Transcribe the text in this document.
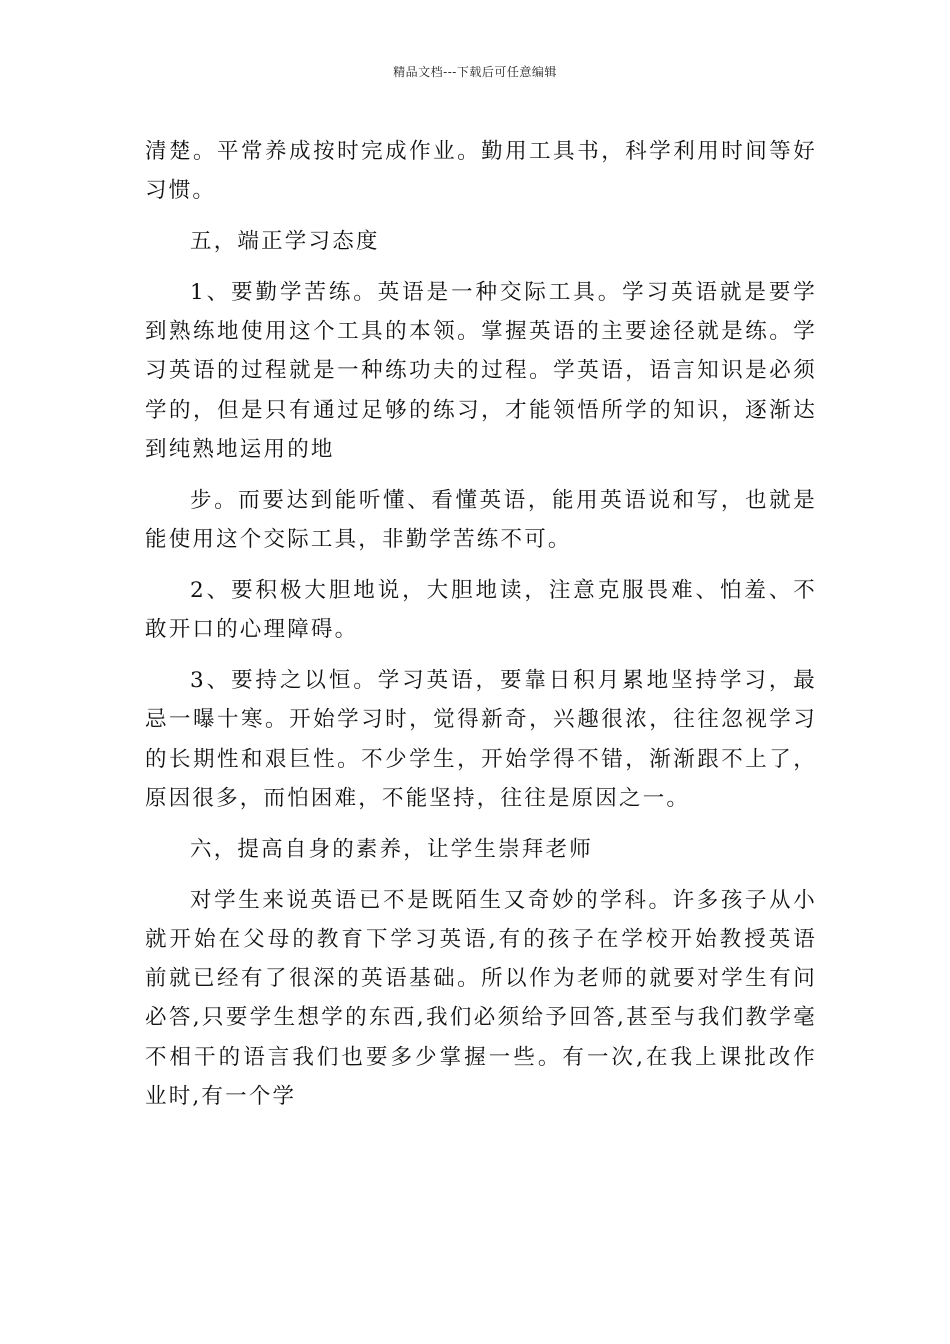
精品文档---下载后可任意编辑

清楚。平常养成按时完成作业。勤用工具书，科学利用时间等好习惯。

五，端正学习态度

1、要勤学苦练。英语是一种交际工具。学习英语就是要学到熟练地使用这个工具的本领。掌握英语的主要途径就是练。学习英语的过程就是一种练功夫的过程。学英语，语言知识是必须学的，但是只有通过足够的练习，才能领悟所学的知识，逐渐达到纯熟地运用的地

步。而要达到能听懂、看懂英语，能用英语说和写，也就是能使用这个交际工具，非勤学苦练不可。

2、要积极大胆地说，大胆地读，注意克服畏难、怕羞、不敢开口的心理障碍。

3、要持之以恒。学习英语，要靠日积月累地坚持学习，最忌一曝十寒。开始学习时，觉得新奇，兴趣很浓，往往忽视学习的长期性和艰巨性。不少学生，开始学得不错，渐渐跟不上了，原因很多，而怕困难，不能坚持，往往是原因之一。

六，提高自身的素养，让学生崇拜老师

对学生来说英语已不是既陌生又奇妙的学科。许多孩子从小就开始在父母的教育下学习英语,有的孩子在学校开始教授英语前就已经有了很深的英语基础。所以作为老师的就要对学生有问必答,只要学生想学的东西,我们必须给予回答,甚至与我们教学毫不相干的语言我们也要多少掌握一些。有一次,在我上课批改作业时,有一个学
